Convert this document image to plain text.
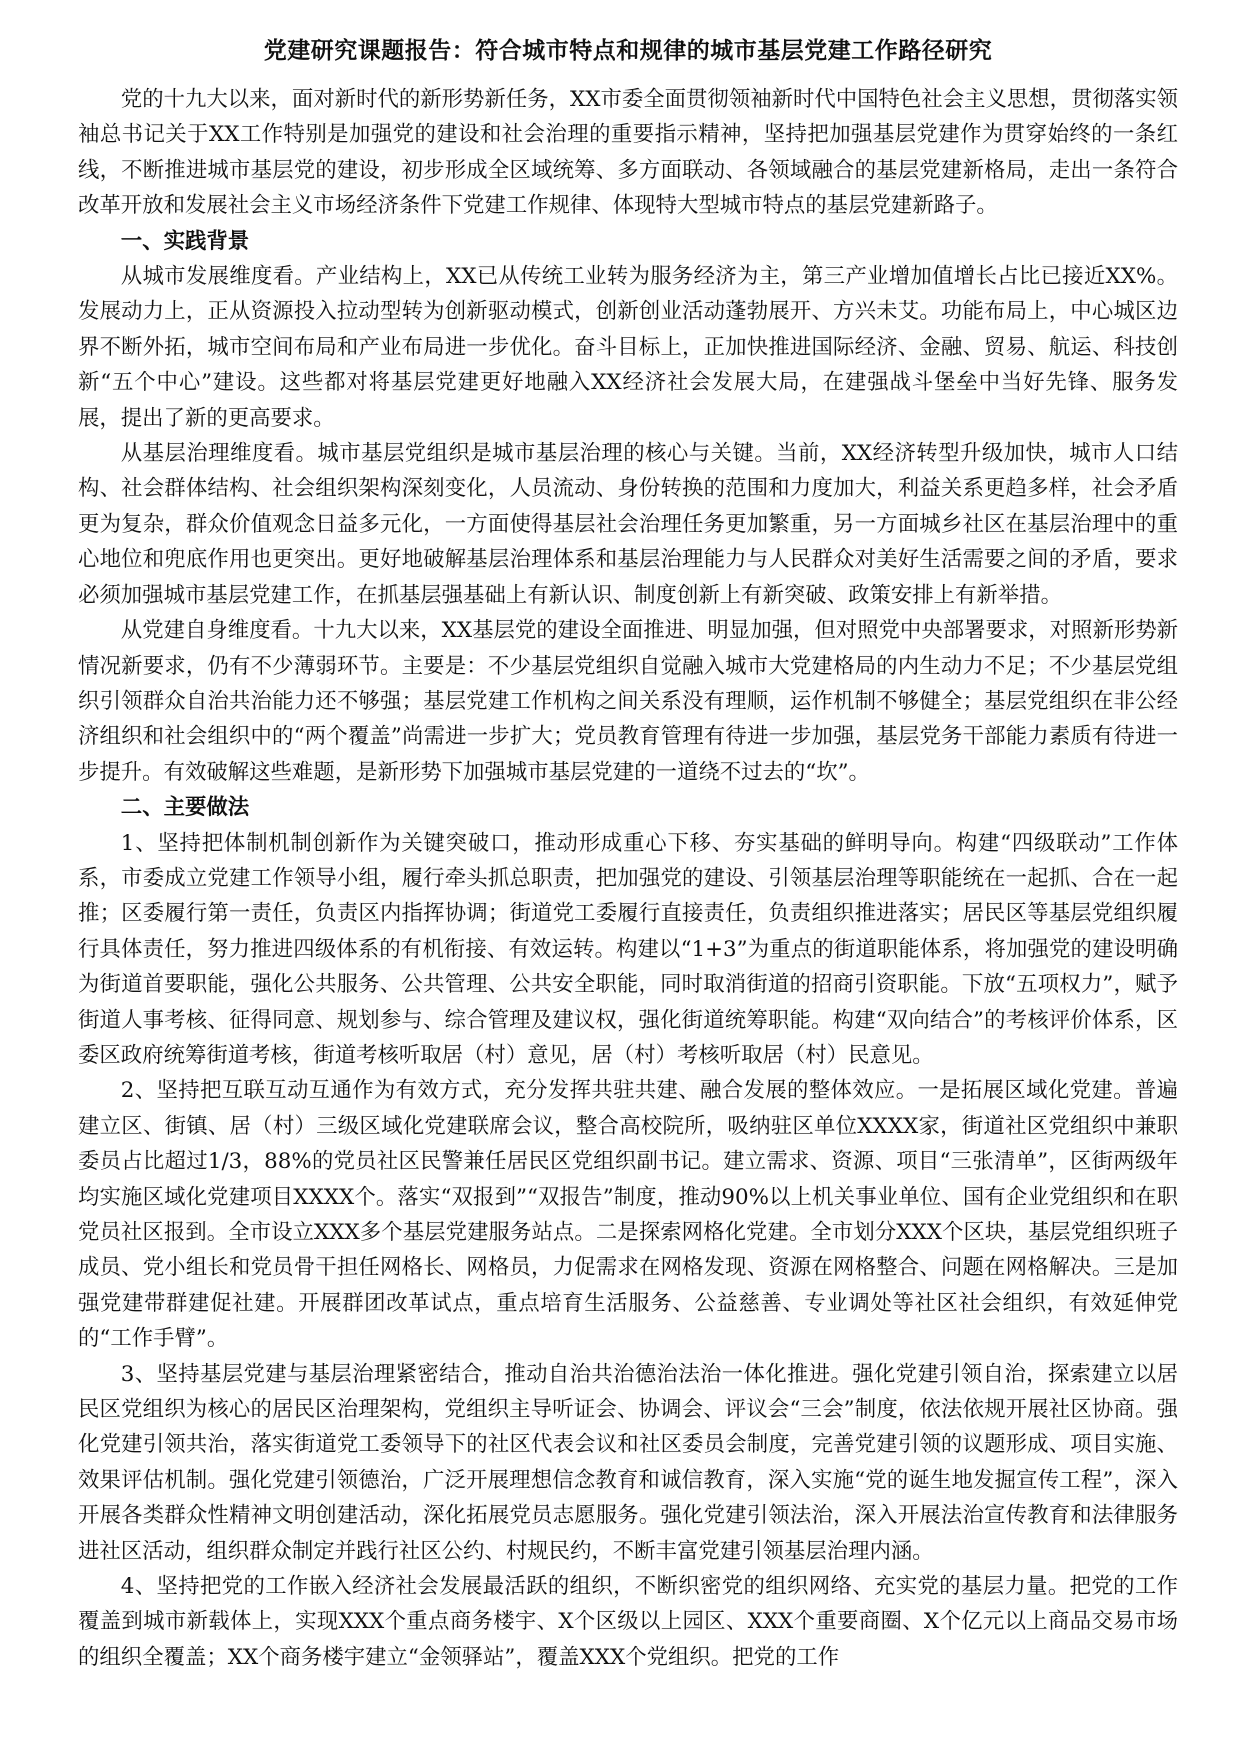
党建研究课题报告：符合城市特点和规律的城市基层党建工作路径研究

党的十九大以来，面对新时代的新形势新任务，XX市委全面贯彻领袖新时代中国特色社会主义思想，贯彻落实领袖总书记关于XX工作特别是加强党的建设和社会治理的重要指示精神，坚持把加强基层党建作为贯穿始终的一条红线，不断推进城市基层党的建设，初步形成全区域统筹、多方面联动、各领域融合的基层党建新格局，走出一条符合改革开放和发展社会主义市场经济条件下党建工作规律、体现特大型城市特点的基层党建新路子。

一、实践背景

从城市发展维度看。产业结构上，XX已从传统工业转为服务经济为主，第三产业增加值增长占比已接近XX%。发展动力上，正从资源投入拉动型转为创新驱动模式，创新创业活动蓬勃展开、方兴未艾。功能布局上，中心城区边界不断外拓，城市空间布局和产业布局进一步优化。奋斗目标上，正加快推进国际经济、金融、贸易、航运、科技创新“五个中心”建设。这些都对将基层党建更好地融入XX经济社会发展大局，在建强战斗堡垒中当好先锋、服务发展，提出了新的更高要求。

从基层治理维度看。城市基层党组织是城市基层治理的核心与关键。当前，XX经济转型升级加快，城市人口结构、社会群体结构、社会组织架构深刻变化，人员流动、身份转换的范围和力度加大，利益关系更趋多样，社会矛盾更为复杂，群众价值观念日益多元化，一方面使得基层社会治理任务更加繁重，另一方面城乡社区在基层治理中的重心地位和兜底作用也更突出。更好地破解基层治理体系和基层治理能力与人民群众对美好生活需要之间的矛盾，要求必须加强城市基层党建工作，在抓基层强基础上有新认识、制度创新上有新突破、政策安排上有新举措。

从党建自身维度看。十九大以来，XX基层党的建设全面推进、明显加强，但对照党中央部署要求，对照新形势新情况新要求，仍有不少薄弱环节。主要是：不少基层党组织自觉融入城市大党建格局的内生动力不足；不少基层党组织引领群众自治共治能力还不够强；基层党建工作机构之间关系没有理顺，运作机制不够健全；基层党组织在非公经济组织和社会组织中的“两个覆盖”尚需进一步扩大；党员教育管理有待进一步加强，基层党务干部能力素质有待进一步提升。有效破解这些难题，是新形势下加强城市基层党建的一道绕不过去的“坎”。

二、主要做法

1、坚持把体制机制创新作为关键突破口，推动形成重心下移、夯实基础的鲜明导向。构建“四级联动”工作体系，市委成立党建工作领导小组，履行牵头抓总职责，把加强党的建设、引领基层治理等职能统在一起抓、合在一起推；区委履行第一责任，负责区内指挥协调；街道党工委履行直接责任，负责组织推进落实；居民区等基层党组织履行具体责任，努力推进四级体系的有机衔接、有效运转。构建以“1+3”为重点的街道职能体系，将加强党的建设明确为街道首要职能，强化公共服务、公共管理、公共安全职能，同时取消街道的招商引资职能。下放“五项权力”，赋予街道人事考核、征得同意、规划参与、综合管理及建议权，强化街道统筹职能。构建“双向结合”的考核评价体系，区委区政府统筹街道考核，街道考核听取居（村）意见，居（村）考核听取居（村）民意见。

2、坚持把互联互动互通作为有效方式，充分发挥共驻共建、融合发展的整体效应。一是拓展区域化党建。普遍建立区、街镇、居（村）三级区域化党建联席会议，整合高校院所，吸纳驻区单位XXXX家，街道社区党组织中兼职委员占比超过1/3，88%的党员社区民警兼任居民区党组织副书记。建立需求、资源、项目“三张清单”，区街两级年均实施区域化党建项目XXXX个。落实“双报到”“双报告”制度，推动90%以上机关事业单位、国有企业党组织和在职党员社区报到。全市设立XXX多个基层党建服务站点。二是探索网格化党建。全市划分XXX个区块，基层党组织班子成员、党小组长和党员骨干担任网格长、网格员，力促需求在网格发现、资源在网格整合、问题在网格解决。三是加强党建带群建促社建。开展群团改革试点，重点培育生活服务、公益慈善、专业调处等社区社会组织，有效延伸党的“工作手臂”。

3、坚持基层党建与基层治理紧密结合，推动自治共治德治法治一体化推进。强化党建引领自治，探索建立以居民区党组织为核心的居民区治理架构，党组织主导听证会、协调会、评议会“三会”制度，依法依规开展社区协商。强化党建引领共治，落实街道党工委领导下的社区代表会议和社区委员会制度，完善党建引领的议题形成、项目实施、效果评估机制。强化党建引领德治，广泛开展理想信念教育和诚信教育，深入实施“党的诞生地发掘宣传工程”，深入开展各类群众性精神文明创建活动，深化拓展党员志愿服务。强化党建引领法治，深入开展法治宣传教育和法律服务进社区活动，组织群众制定并践行社区公约、村规民约，不断丰富党建引领基层治理内涵。

4、坚持把党的工作嵌入经济社会发展最活跃的组织，不断织密党的组织网络、充实党的基层力量。把党的工作覆盖到城市新载体上，实现XXX个重点商务楼宇、X个区级以上园区、XXX个重要商圈、X个亿元以上商品交易市场的组织全覆盖；XX个商务楼宇建立“金领驿站”，覆盖XXX个党组织。把党的工作
